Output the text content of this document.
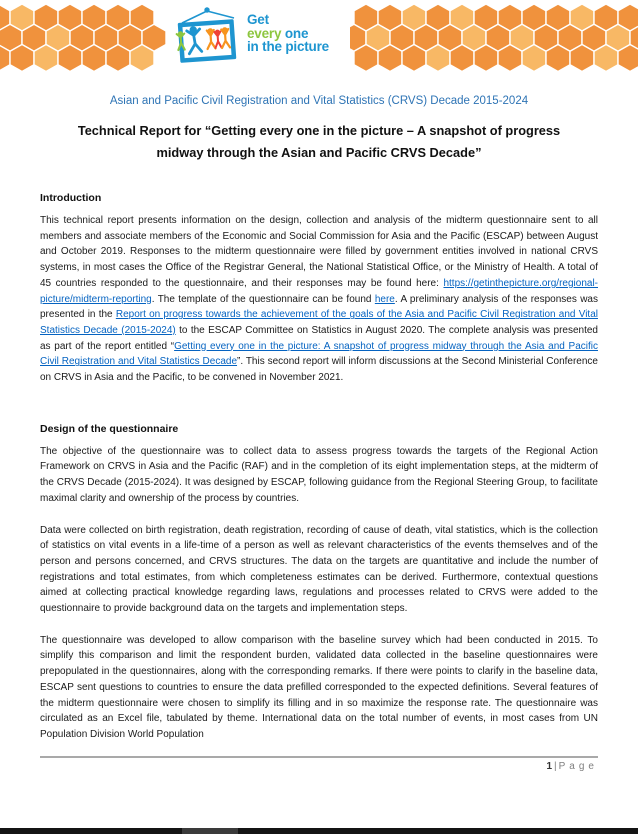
Get
every one
in the picture
Asian and Pacific Civil Registration and Vital Statistics (CRVS) Decade 2015-2024
Technical Report for “Getting every one in the picture – A snapshot of progress
midway through the Asian and Pacific CRVS Decade”
Introduction

This technical report presents information on the design, collection and analysis of the midterm questionnaire sent to all members and associate members of the Economic and Social Commission for Asia and the Pacific (ESCAP) between August and October 2019. Responses to the midterm questionnaire were filled by government entities involved in national CRVS systems, in most cases the Office of the Registrar General, the National Statistical Office, or the Ministry of Health. A total of 45 countries responded to the questionnaire, and their responses may be found here: https://getinthepicture.org/regional-picture/midterm-reporting. The template of the questionnaire can be found here. A preliminary analysis of the responses was presented in the Report on progress towards the achievement of the goals of the Asia and Pacific Civil Registration and Vital Statistics Decade (2015-2024) to the ESCAP Committee on Statistics in August 2020. The complete analysis was presented as part of the report entitled “Getting every one in the picture: A snapshot of progress midway through the Asia and Pacific Civil Registration and Vital Statistics Decade”. This second report will inform discussions at the Second Ministerial Conference on CRVS in Asia and the Pacific, to be convened in November 2021.

Design of the questionnaire

The objective of the questionnaire was to collect data to assess progress towards the targets of the Regional Action Framework on CRVS in Asia and the Pacific (RAF) and in the completion of its eight implementation steps, at the midterm of the CRVS Decade (2015-2024). It was designed by ESCAP, following guidance from the Regional Steering Group, to facilitate maximal clarity and ownership of the process by countries.

Data were collected on birth registration, death registration, recording of cause of death, vital statistics, which is the collection of statistics on vital events in a life-time of a person as well as relevant characteristics of the events themselves and of the person and persons concerned, and CRVS structures. The data on the targets are quantitative and include the number of registrations and total estimates, from which completeness estimates can be derived. Furthermore, contextual questions aimed at collecting practical knowledge regarding laws, regulations and processes related to CRVS were added to the questionnaire to provide background data on the targets and implementation steps.

The questionnaire was developed to allow comparison with the baseline survey which had been conducted in 2015. To simplify this comparison and limit the respondent burden, validated data collected in the baseline questionnaires were prepopulated in the questionnaires, along with the corresponding remarks. If there were points to clarify in the baseline data, ESCAP sent questions to countries to ensure the data prefilled corresponded to the expected definitions. Several features of the midterm questionnaire were chosen to simplify its filling and in so maximize the response rate. The questionnaire was circulated as an Excel file, tabulated by theme. International data on the total number of events, in most cases from UN Population Division World Population

1 | Page
